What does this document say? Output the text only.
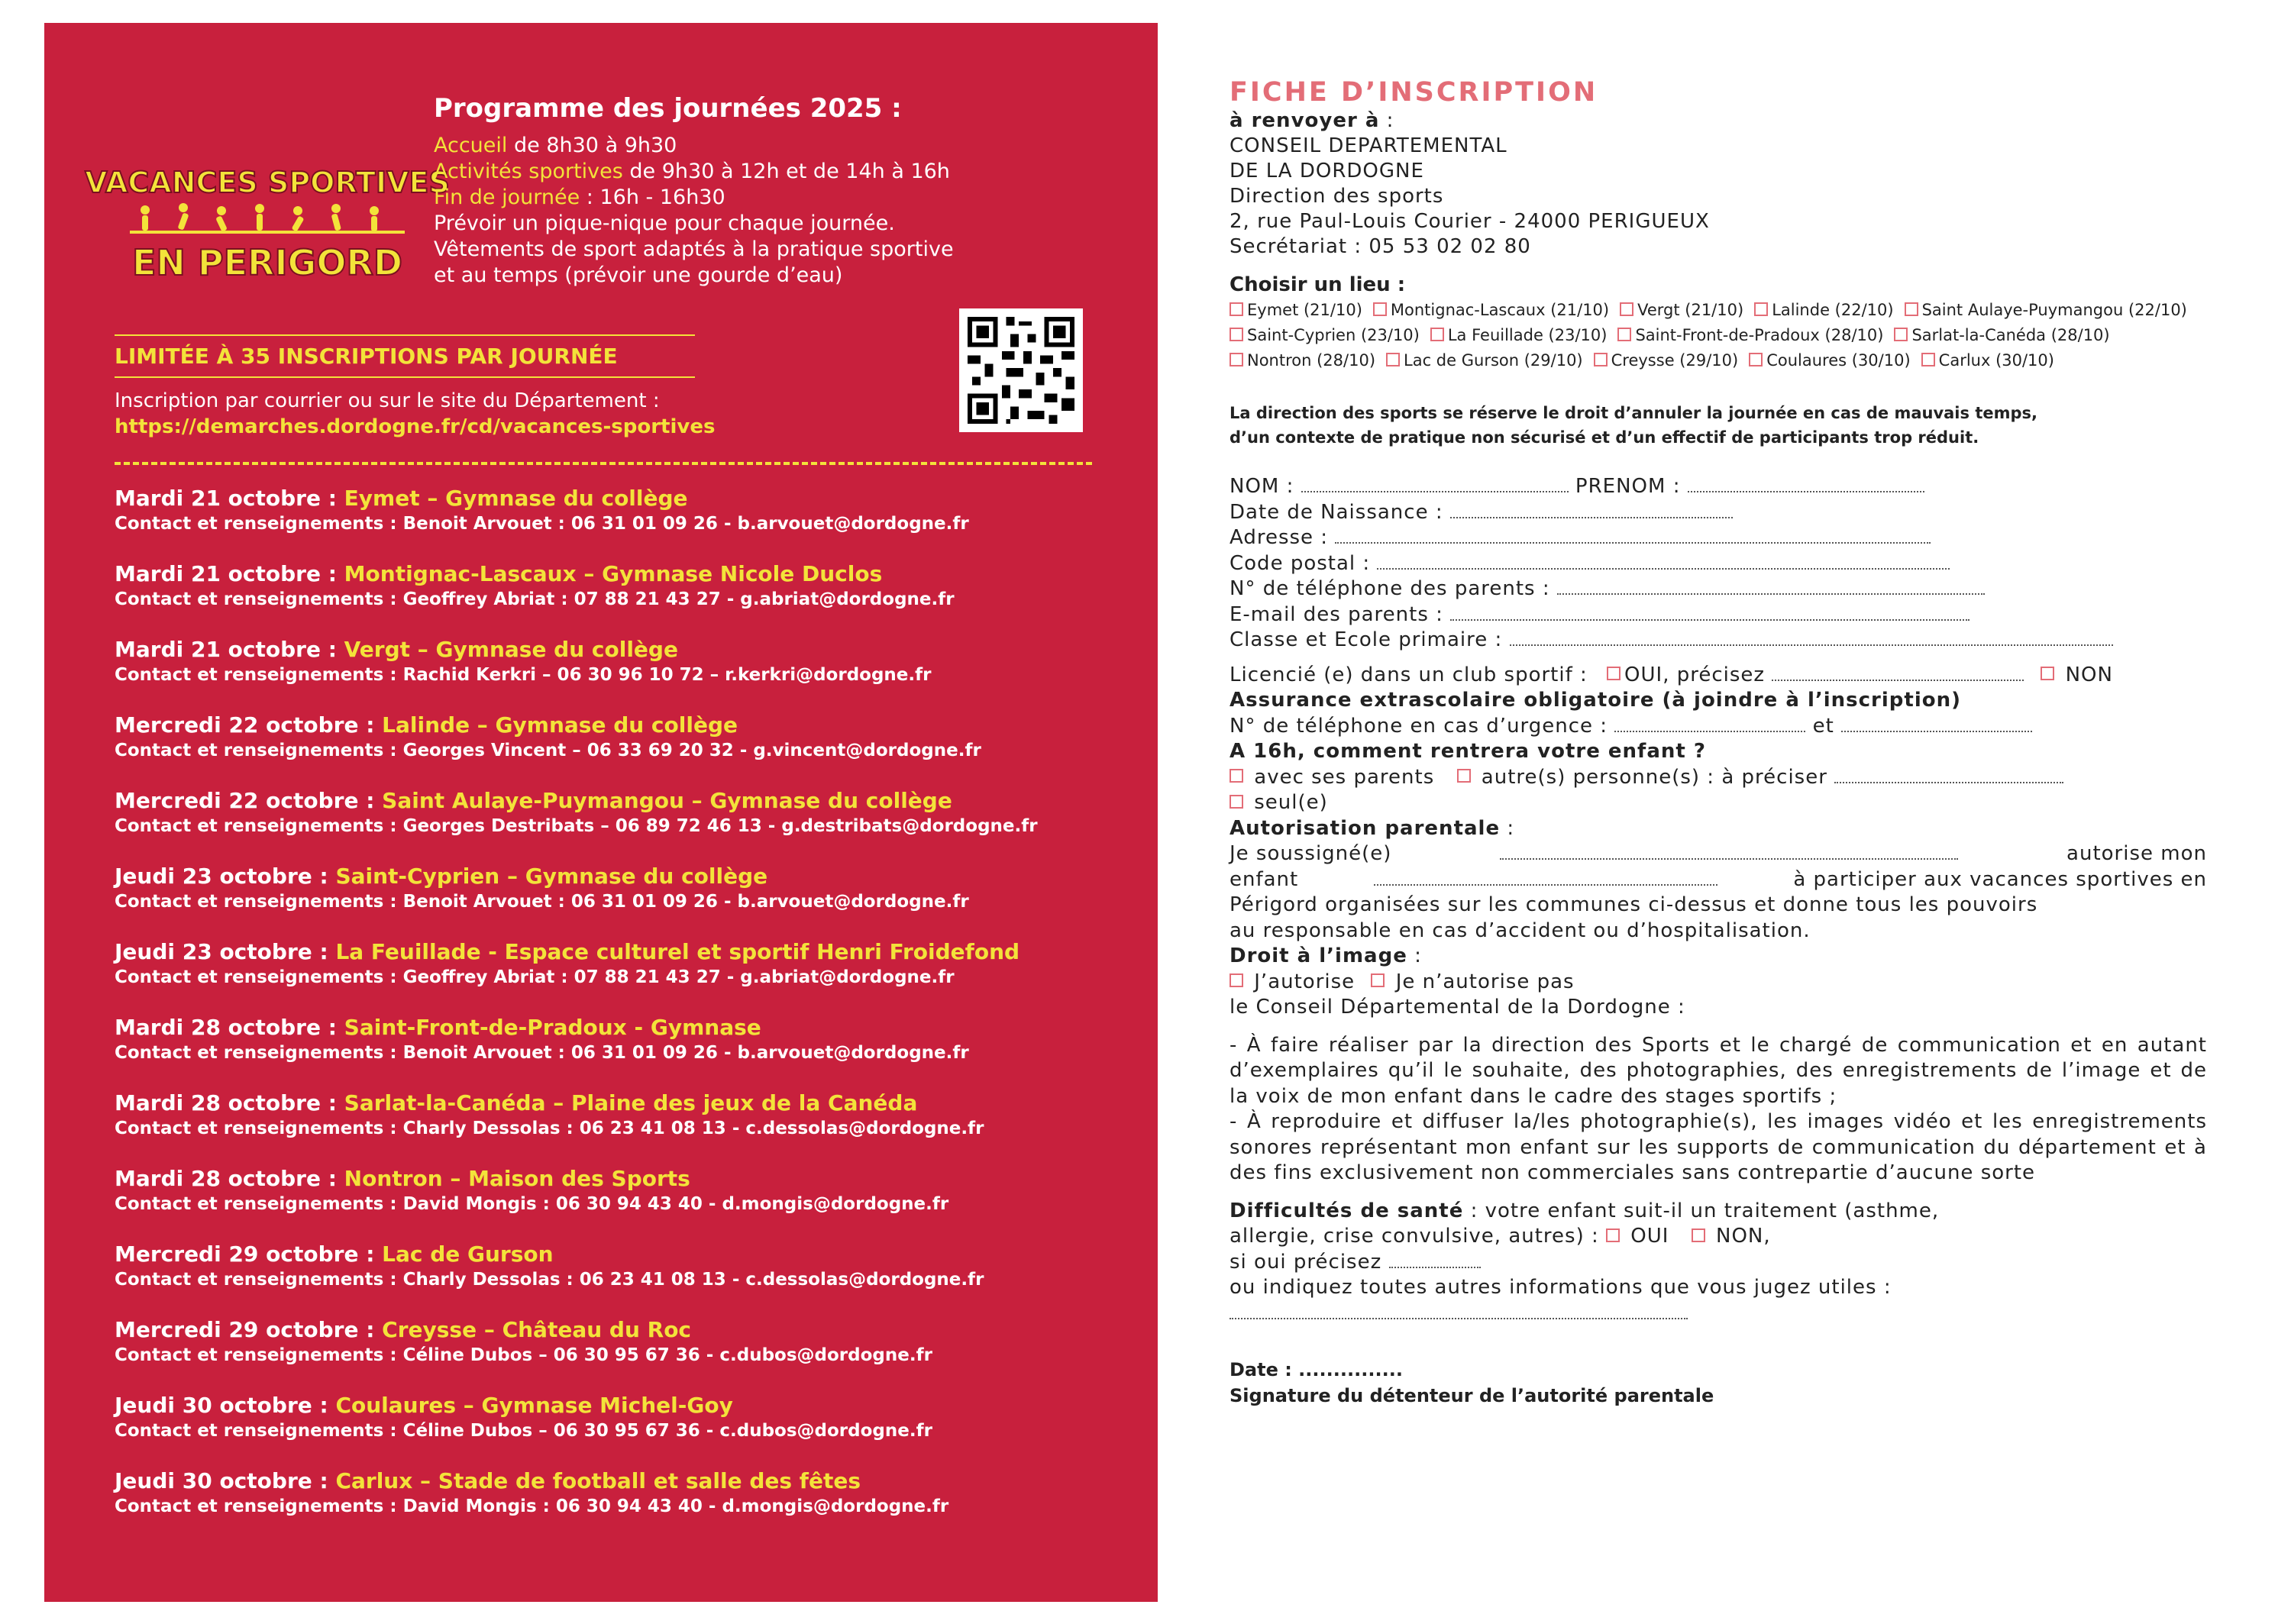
VACANCES SPORTIVES
EN PERIGORD
Programme des journées 2025 :
Accueil de 8h30 à 9h30
Activités sportives de 9h30 à 12h et de 14h à 16h
Fin de journée : 16h - 16h30
Prévoir un pique-nique pour chaque journée.
Vêtements de sport adaptés à la pratique sportive
et au temps (prévoir une gourde d’eau)
LIMITÉE À 35 INSCRIPTIONS PAR JOURNÉE
Inscription par courrier ou sur le site du Département :
https://demarches.dordogne.fr/cd/vacances-sportives
Mardi 21 octobre : Eymet – Gymnase du collège
Contact et renseignements : Benoit Arvouet : 06 31 01 09 26 - b.arvouet@dordogne.fr
Mardi 21 octobre : Montignac-Lascaux – Gymnase Nicole Duclos
Contact et renseignements : Geoffrey Abriat : 07 88 21 43 27 - g.abriat@dordogne.fr
Mardi 21 octobre : Vergt – Gymnase du collège
Contact et renseignements : Rachid Kerkri – 06 30 96 10 72 – r.kerkri@dordogne.fr
Mercredi 22 octobre : Lalinde – Gymnase du collège
Contact et renseignements : Georges Vincent – 06 33 69 20 32 - g.vincent@dordogne.fr
Mercredi 22 octobre : Saint Aulaye-Puymangou – Gymnase du collège
Contact et renseignements : Georges Destribats – 06 89 72 46 13 - g.destribats@dordogne.fr
Jeudi 23 octobre : Saint-Cyprien – Gymnase du collège
Contact et renseignements : Benoit Arvouet : 06 31 01 09 26 - b.arvouet@dordogne.fr
Jeudi 23 octobre : La Feuillade - Espace culturel et sportif Henri Froidefond
Contact et renseignements : Geoffrey Abriat : 07 88 21 43 27 - g.abriat@dordogne.fr
Mardi 28 octobre : Saint-Front-de-Pradoux - Gymnase
Contact et renseignements : Benoit Arvouet : 06 31 01 09 26 - b.arvouet@dordogne.fr
Mardi 28 octobre : Sarlat-la-Canéda – Plaine des jeux de la Canéda
Contact et renseignements : Charly Dessolas : 06 23 41 08 13 - c.dessolas@dordogne.fr
Mardi 28 octobre : Nontron – Maison des Sports
Contact et renseignements : David Mongis : 06 30 94 43 40 - d.mongis@dordogne.fr
Mercredi 29 octobre : Lac de Gurson
Contact et renseignements : Charly Dessolas : 06 23 41 08 13 - c.dessolas@dordogne.fr
Mercredi 29 octobre : Creysse – Château du Roc
Contact et renseignements : Céline Dubos – 06 30 95 67 36 - c.dubos@dordogne.fr
Jeudi 30 octobre : Coulaures – Gymnase Michel-Goy
Contact et renseignements : Céline Dubos – 06 30 95 67 36 - c.dubos@dordogne.fr
Jeudi 30 octobre : Carlux – Stade de football et salle des fêtes
Contact et renseignements : David Mongis : 06 30 94 43 40 - d.mongis@dordogne.fr
FICHE D’INSCRIPTION
à renvoyer à :
CONSEIL DEPARTEMENTAL
DE LA DORDOGNE
Direction des sports
2, rue Paul-Louis Courier - 24000 PERIGUEUX
Secrétariat : 05 53 02 02 80
Choisir un lieu :
Eymet (21/10) Montignac-Lascaux (21/10) Vergt (21/10) Lalinde (22/10) Saint Aulaye-Puymangou (22/10)Saint-Cyprien (23/10) La Feuillade (23/10) Saint-Front-de-Pradoux (28/10) Sarlat-la-Canéda (28/10)Nontron (28/10) Lac de Gurson (29/10) Creysse (29/10) Coulaures (30/10) Carlux (30/10)
La direction des sports se réserve le droit d’annuler la journée en cas de mauvais temps,
d’un contexte de pratique non sécurisé et d’un effectif de participants trop réduit.
NOM :	PRENOM :
Date de Naissance :
Adresse :
Code postal :
N° de téléphone des parents :
E-mail des parents :
Classe et Ecole primaire :
Licencié (e) dans un club sportif : OUI, précisez	NON
Assurance extrascolaire obligatoire (à joindre à l’inscription)
N° de téléphone en cas d’urgence :	et
A 16h, comment rentrera votre enfant ?
avec ses parents autre(s) personne(s) : à préciser
seul(e)
Autorisation parentale :
Je soussigné(e)	autorise mon
enfant	à participer aux vacances sportives en
Périgord organisées sur les communes ci-dessus et donne tous les pouvoirs
au responsable en cas d’accident ou d’hospitalisation.
Droit à l’image :
J’autorise Je n’autorise pas
le Conseil Départemental de la Dordogne :
- À faire réaliser par la direction des Sports et le chargé de communication et en autant d’exemplaires qu’il le souhaite, des photographies, des enregistrements de l’image et de la voix de mon enfant dans le cadre des stages sportifs ;
- À reproduire et diffuser la/les photographie(s), les images vidéo et les enregistrements sonores représentant mon enfant sur les supports de communication du département et à des fins exclusivement non commerciales sans contrepartie d’aucune sorte
Difficultés de santé : votre enfant suit-il un traitement (asthme,
allergie, crise convulsive, autres) : OUI NON,
si oui précisez
ou indiquez toutes autres informations que vous jugez utiles :
Date : ...............
Signature du détenteur de l’autorité parentale
